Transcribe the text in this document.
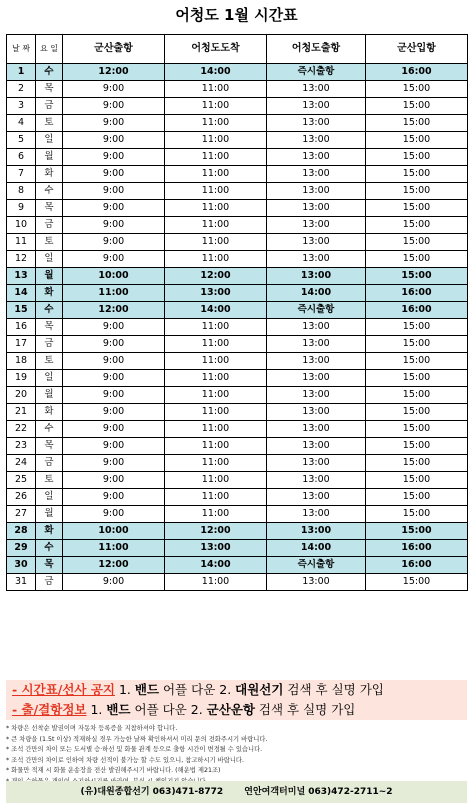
어청도 1월 시간표
날 짜	요 일	군산출항	어청도도착	어청도출항	군산입항
1	수	12:00	14:00	즉시출항	16:00
2	목	9:00	11:00	13:00	15:00
3	금	9:00	11:00	13:00	15:00
4	토	9:00	11:00	13:00	15:00
5	일	9:00	11:00	13:00	15:00
6	월	9:00	11:00	13:00	15:00
7	화	9:00	11:00	13:00	15:00
8	수	9:00	11:00	13:00	15:00
9	목	9:00	11:00	13:00	15:00
10	금	9:00	11:00	13:00	15:00
11	토	9:00	11:00	13:00	15:00
12	일	9:00	11:00	13:00	15:00
13	월	10:00	12:00	13:00	15:00
14	화	11:00	13:00	14:00	16:00
15	수	12:00	14:00	즉시출항	16:00
16	목	9:00	11:00	13:00	15:00
17	금	9:00	11:00	13:00	15:00
18	토	9:00	11:00	13:00	15:00
19	일	9:00	11:00	13:00	15:00
20	월	9:00	11:00	13:00	15:00
21	화	9:00	11:00	13:00	15:00
22	수	9:00	11:00	13:00	15:00
23	목	9:00	11:00	13:00	15:00
24	금	9:00	11:00	13:00	15:00
25	토	9:00	11:00	13:00	15:00
26	일	9:00	11:00	13:00	15:00
27	월	9:00	11:00	13:00	15:00
28	화	10:00	12:00	13:00	15:00
29	수	11:00	13:00	14:00	16:00
30	목	12:00	14:00	즉시출항	16:00
31	금	9:00	11:00	13:00	15:00
- 시간표/선사 공지 1. 밴드 어플 다운 2. 대원선기 검색 후 실명 가입
- 출/결항정보 1. 밴드 어플 다운 2. 군산운항 검색 후 실명 가입
* 차량은 선착순 발권이며 자동차 등록증을 지참하셔야 합니다.
* 큰 차량을 (1.5t 이상) 적재하실 경우 가능한 날짜 확인하셔서 미리 문의 전화주시기 바랍니다.
* 조석 간만의 차이 또는 도서별 승·하선 및 화물 관계 등으로 출항 시간이 변경될 수 있습니다.
* 조석 간만의 차이로 인하여 차량 선적이 불가능 할 수도 있으니, 참고하시기 바랍니다.
* 화물만 적재 시 화물 운송장을 전산 발권해주시기 바랍니다. (해운법 제21조)
(유)대원종합선기 063)471-8772 연안여객터미널 063)472-2711~2
